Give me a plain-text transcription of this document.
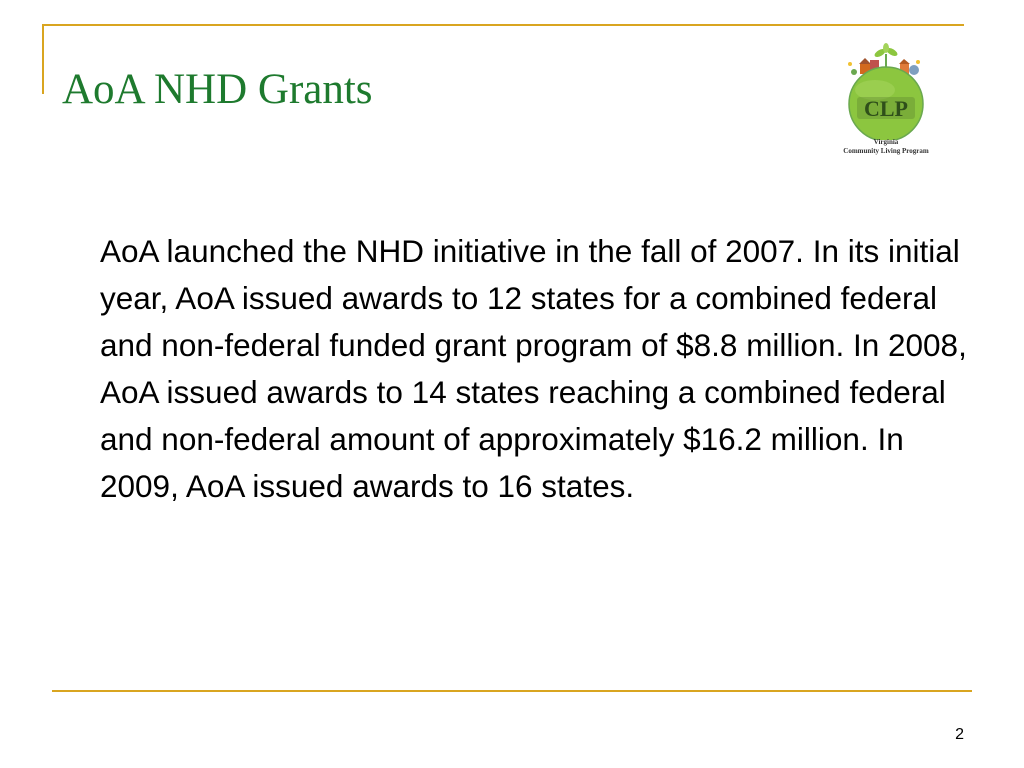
AoA NHD Grants	CLP
Virginia
Community Living Program

AoA launched the NHD initiative in the fall of 2007. In its initial year, AoA issued awards to 12 states for a combined federal and non-federal funded grant program of $8.8 million. In 2008, AoA issued awards to 14 states reaching a combined federal and non-federal amount of approximately $16.2 million. In 2009, AoA issued awards to 16 states.

2
